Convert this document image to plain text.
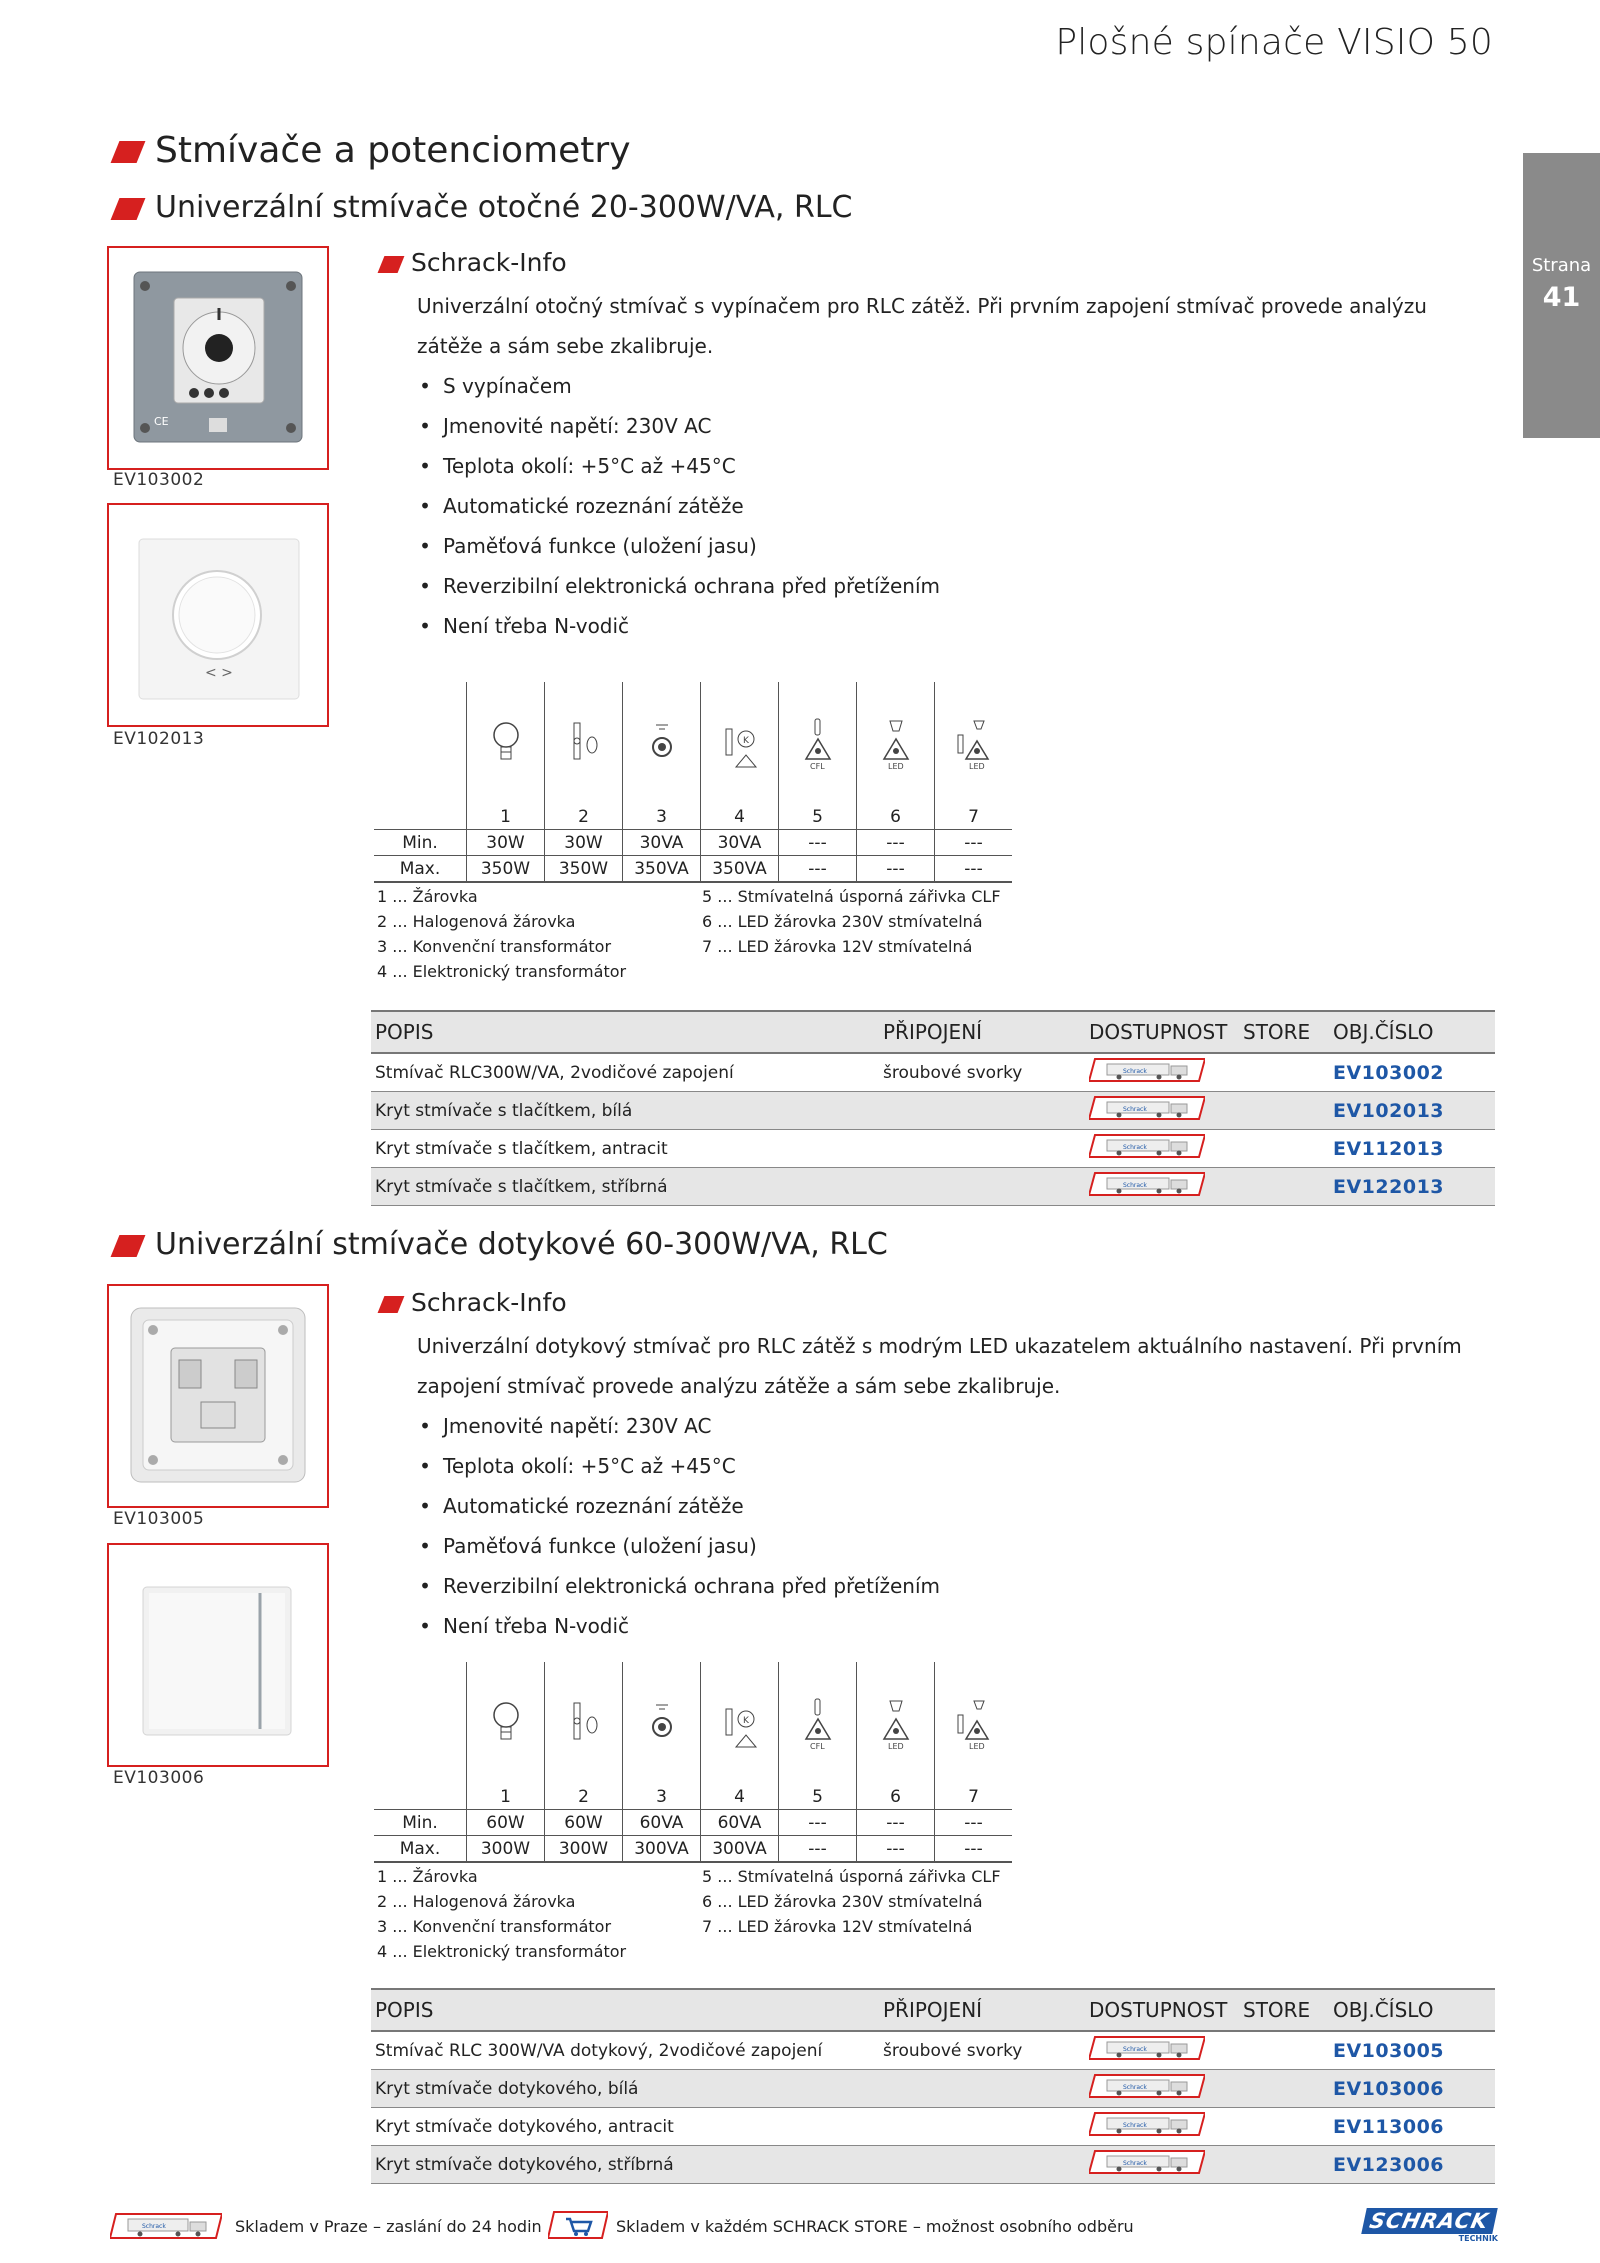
Plošné spínače VISIO 50
Strana
41
Stmívače a potenciometry
Univerzální stmívače otočné 20-300W/VA, RLC
CE
EV103002
< >
EV102013
Schrack-Info
Univerzální otočný stmívač s vypínačem pro RLC zátěž. Při prvním zapojení stmívač provede analýzu zátěže a sám sebe zkalibruje.
• S vypínačem
• Jmenovité napětí: 230V AC
• Teplota okolí: +5°C až +45°C
• Automatické rozeznání zátěže
• Paměťová funkce (uložení jasu)
• Reverzibilní elektronická ochrana před přetížením
• Není třeba N-vodič

K	CFL	LED	LED

	1	2	3	4	5	6	7
Min.	30W	30W	30VA	30VA	---	---	---
Max.	350W	350W	350VA	350VA	---	---	---
1 ... Žárovka
2 ... Halogenová žárovka
3 ... Konvenční transformátor
4 ... Elektronický transformátor
5 ... Stmívatelná úsporná zářivka CLF
6 ... LED žárovka 230V stmívatelná
7 ... LED žárovka 12V stmívatelná
POPIS	PŘIPOJENÍ	DOSTUPNOST	STORE	OBJ.ČÍSLO
Stmívač RLC300W/VA, 2vodičové zapojení	šroubové svorky	Schrack		EV103002
Kryt stmívače s tlačítkem, bílá		Schrack		EV102013
Kryt stmívače s tlačítkem, antracit		Schrack		EV112013
Kryt stmívače s tlačítkem, stříbrná		Schrack		EV122013
Univerzální stmívače dotykové 60-300W/VA, RLC
EV103005
EV103006
Schrack-Info
Univerzální dotykový stmívač pro RLC zátěž s modrým LED ukazatelem aktuálního nastavení. Při prvním zapojení stmívač provede analýzu zátěže a sám sebe zkalibruje.
• Jmenovité napětí: 230V AC
• Teplota okolí: +5°C až +45°C
• Automatické rozeznání zátěže
• Paměťová funkce (uložení jasu)
• Reverzibilní elektronická ochrana před přetížením
• Není třeba N-vodič

K	CFL	LED	LED

	1	2	3	4	5	6	7
Min.	60W	60W	60VA	60VA	---	---	---
Max.	300W	300W	300VA	300VA	---	---	---
1 ... Žárovka
2 ... Halogenová žárovka
3 ... Konvenční transformátor
4 ... Elektronický transformátor
5 ... Stmívatelná úsporná zářivka CLF
6 ... LED žárovka 230V stmívatelná
7 ... LED žárovka 12V stmívatelná
POPIS	PŘIPOJENÍ	DOSTUPNOST	STORE	OBJ.ČÍSLO
Stmívač RLC 300W/VA dotykový, 2vodičové zapojení	šroubové svorky	Schrack		EV103005
Kryt stmívače dotykového, bílá		Schrack		EV103006
Kryt stmívače dotykového, antracit		Schrack		EV113006
Kryt stmívače dotykového, stříbrná		Schrack		EV123006
Schrack	Skladem v Praze – zaslání do 24 hodin	Skladem v každém SCHRACK STORE – možnost osobního odběru	SCHRACK
TECHNIK
